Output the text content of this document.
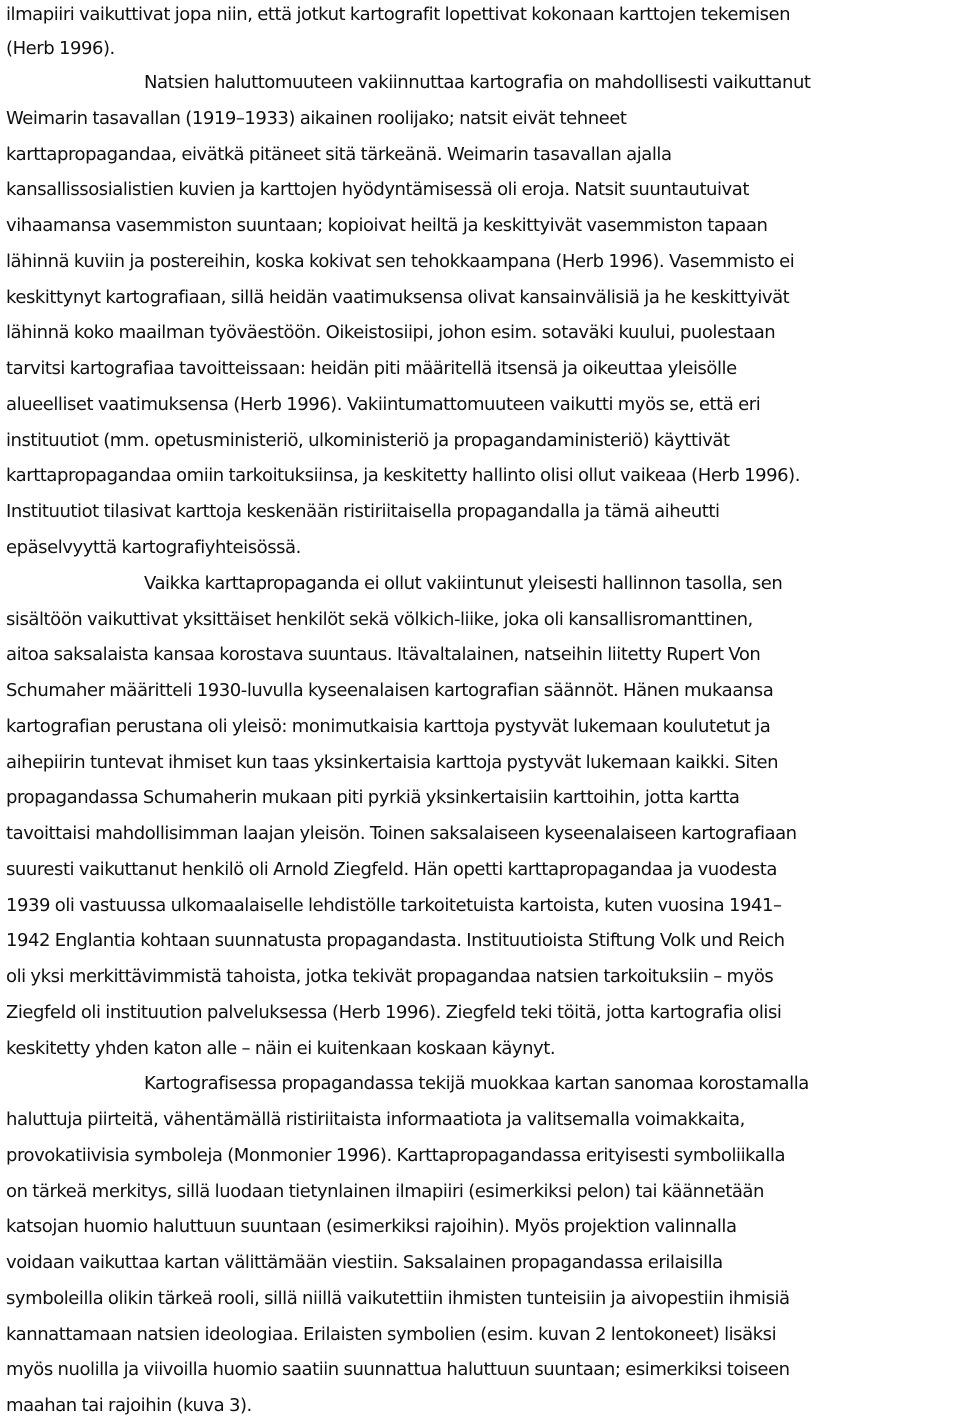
ilmapiiri vaikuttivat jopa niin, että jotkut kartografit lopettivat kokonaan karttojen tekemisen
(Herb 1996).
Natsien haluttomuuteen vakiinnuttaa kartografia on mahdollisesti vaikuttanut
Weimarin tasavallan (1919–1933) aikainen roolijako; natsit eivät tehneet
karttapropagandaa, eivätkä pitäneet sitä tärkeänä. Weimarin tasavallan ajalla
kansallissosialistien kuvien ja karttojen hyödyntämisessä oli eroja. Natsit suuntautuivat
vihaamansa vasemmiston suuntaan; kopioivat heiltä ja keskittyivät vasemmiston tapaan
lähinnä kuviin ja postereihin, koska kokivat sen tehokkaampana (Herb 1996). Vasemmisto ei
keskittynyt kartografiaan, sillä heidän vaatimuksensa olivat kansainvälisiä ja he keskittyivät
lähinnä koko maailman työväestöön. Oikeistosiipi, johon esim. sotaväki kuului, puolestaan
tarvitsi kartografiaa tavoitteissaan: heidän piti määritellä itsensä ja oikeuttaa yleisölle
alueelliset vaatimuksensa (Herb 1996). Vakiintumattomuuteen vaikutti myös se, että eri
instituutiot (mm. opetusministeriö, ulkoministeriö ja propagandaministeriö) käyttivät
karttapropagandaa omiin tarkoituksiinsa, ja keskitetty hallinto olisi ollut vaikeaa (Herb 1996).
Instituutiot tilasivat karttoja keskenään ristiriitaisella propagandalla ja tämä aiheutti
epäselvyyttä kartografiyhteisössä.
Vaikka karttapropaganda ei ollut vakiintunut yleisesti hallinnon tasolla, sen
sisältöön vaikuttivat yksittäiset henkilöt sekä völkich-liike, joka oli kansallisromanttinen,
aitoa saksalaista kansaa korostava suuntaus. Itävaltalainen, natseihin liitetty Rupert Von
Schumaher määritteli 1930-luvulla kyseenalaisen kartografian säännöt. Hänen mukaansa
kartografian perustana oli yleisö: monimutkaisia karttoja pystyvät lukemaan koulutetut ja
aihepiirin tuntevat ihmiset kun taas yksinkertaisia karttoja pystyvät lukemaan kaikki. Siten
propagandassa Schumaherin mukaan piti pyrkiä yksinkertaisiin karttoihin, jotta kartta
tavoittaisi mahdollisimman laajan yleisön. Toinen saksalaiseen kyseenalaiseen kartografiaan
suuresti vaikuttanut henkilö oli Arnold Ziegfeld. Hän opetti karttapropagandaa ja vuodesta
1939 oli vastuussa ulkomaalaiselle lehdistölle tarkoitetuista kartoista, kuten vuosina 1941–
1942 Englantia kohtaan suunnatusta propagandasta. Instituutioista Stiftung Volk und Reich
oli yksi merkittävimmistä tahoista, jotka tekivät propagandaa natsien tarkoituksiin – myös
Ziegfeld oli instituution palveluksessa (Herb 1996). Ziegfeld teki töitä, jotta kartografia olisi
keskitetty yhden katon alle – näin ei kuitenkaan koskaan käynyt.
Kartografisessa propagandassa tekijä muokkaa kartan sanomaa korostamalla
haluttuja piirteitä, vähentämällä ristiriitaista informaatiota ja valitsemalla voimakkaita,
provokatiivisia symboleja (Monmonier 1996). Karttapropagandassa erityisesti symboliikalla
on tärkeä merkitys, sillä luodaan tietynlainen ilmapiiri (esimerkiksi pelon) tai käännetään
katsojan huomio haluttuun suuntaan (esimerkiksi rajoihin). Myös projektion valinnalla
voidaan vaikuttaa kartan välittämään viestiin. Saksalainen propagandassa erilaisilla
symboleilla olikin tärkeä rooli, sillä niillä vaikutettiin ihmisten tunteisiin ja aivopestiin ihmisiä
kannattamaan natsien ideologiaa. Erilaisten symbolien (esim. kuvan 2 lentokoneet) lisäksi
myös nuolilla ja viivoilla huomio saatiin suunnattua haluttuun suuntaan; esimerkiksi toiseen
maahan tai rajoihin (kuva 3).
